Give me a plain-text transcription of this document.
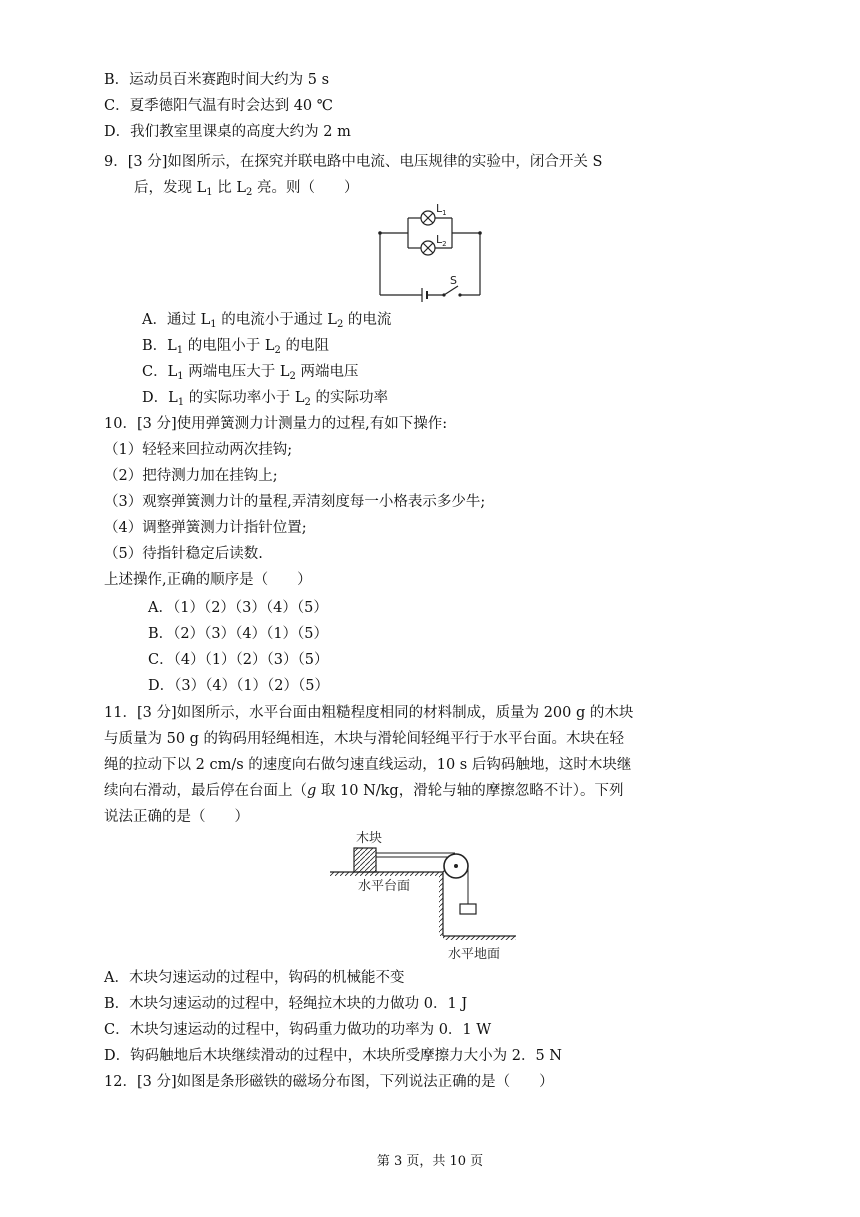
B．运动员百米赛跑时间大约为 5 s
C．夏季德阳气温有时会达到 40 ℃
D．我们教室里课桌的高度大约为 2 m
9．[3 分]如图所示，在探究并联电路中电流、电压规律的实验中，闭合开关 S
后，发现 $L_1$ 比 $L_2$ 亮。则（　　）
$L_1$
$L_2$
S
A．通过 $L_1$ 的电流小于通过 $L_2$ 的电流
B．$L_1$ 的电阻小于 $L_2$ 的电阻
C．$L_1$ 两端电压大于 $L_2$ 两端电压
D．$L_1$ 的实际功率小于 $L_2$ 的实际功率
10．[3 分]使用弹簧测力计测量力的过程,有如下操作:
（1）轻轻来回拉动两次挂钩;
（2）把待测力加在挂钩上;
（3）观察弹簧测力计的量程,弄清刻度每一小格表示多少牛;
（4）调整弹簧测力计指针位置;
（5）待指针稳定后读数.
上述操作,正确的顺序是（　　）
A．（1）（2）（3）（4）（5）
B．（2）（3）（4）（1）（5）
C．（4）（1）（2）（3）（5）
D．（3）（4）（1）（2）（5）
11．[3 分]如图所示，水平台面由粗糙程度相同的材料制成，质量为 200 g 的木块
与质量为 50 g 的钩码用轻绳相连，木块与滑轮间轻绳平行于水平台面。木块在轻
绳的拉动下以 2 cm/s 的速度向右做匀速直线运动，10 s 后钩码触地，这时木块继
续向右滑动，最后停在台面上（g 取 10 N/kg，滑轮与轴的摩擦忽略不计）。下列
说法正确的是（　　）
木块
水平台面
水平地面
A．木块匀速运动的过程中，钩码的机械能不变
B．木块匀速运动的过程中，轻绳拉木块的力做功 0．1 J
C．木块匀速运动的过程中，钩码重力做功的功率为 0．1 W
D．钩码触地后木块继续滑动的过程中，木块所受摩擦力大小为 2．5 N
12．[3 分]如图是条形磁铁的磁场分布图，下列说法正确的是（　　）
第 3 页，共 10 页
